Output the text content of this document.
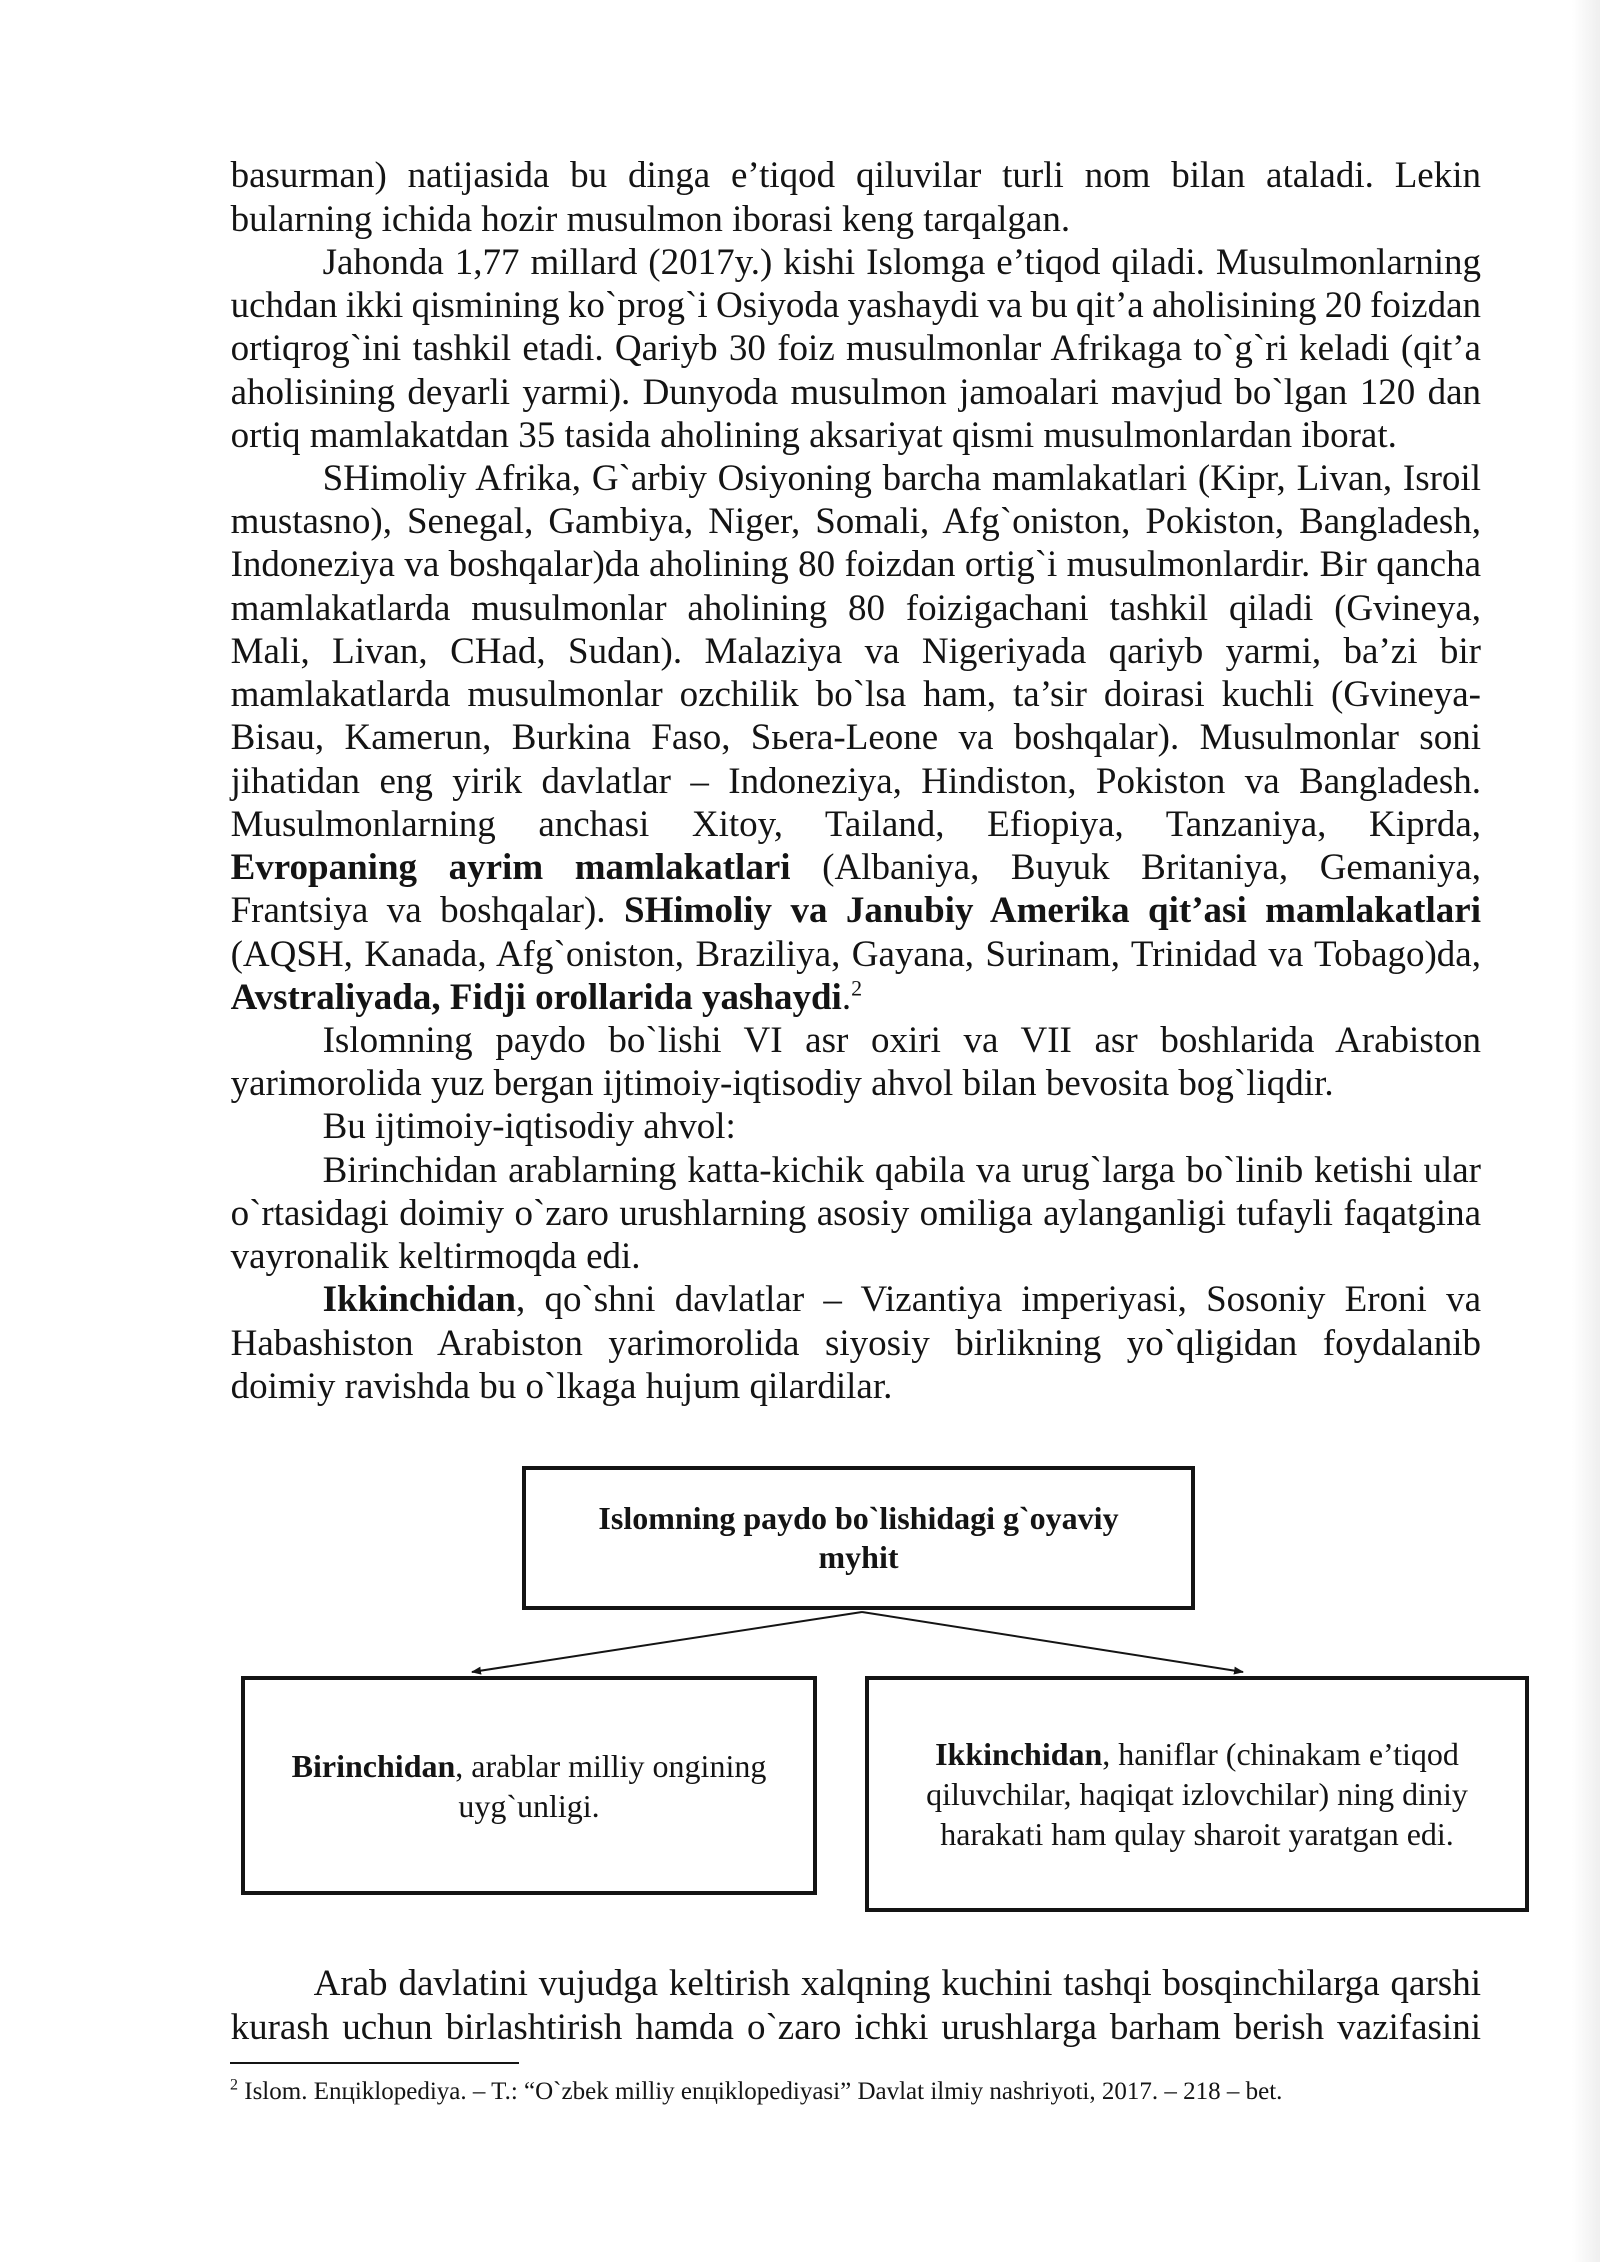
basurman) natijasida bu dinga e’tiqod qiluvilar turli nom bilan ataladi. Lekin
bularning ichida hozir musulmon iborasi keng tarqalgan.
Jahonda 1,77 millard (2017y.) kishi Islomga e’tiqod qiladi. Musulmonlarning
uchdan ikki qismining ko`prog`i Osiyoda yashaydi va bu qit’a aholisining 20 foizdan
ortiqrog`ini tashkil etadi. Qariyb 30 foiz musulmonlar Afrikaga to`g`ri keladi (qit’a
aholisining deyarli yarmi). Dunyoda musulmon jamoalari mavjud bo`lgan 120 dan
ortiq mamlakatdan 35 tasida aholining aksariyat qismi musulmonlardan iborat.
SHimoliy Afrika, G`arbiy Osiyoning barcha mamlakatlari (Kipr, Livan, Isroil
mustasno), Senegal, Gambiya, Niger, Somali, Afg`oniston, Pokiston, Bangladesh,
Indoneziya va boshqalar)da aholining 80 foizdan ortig`i musulmonlardir. Bir qancha
mamlakatlarda musulmonlar aholining 80 foizigachani tashkil qiladi (Gvineya,
Mali, Livan, CHad, Sudan). Malaziya va Nigeriyada qariyb yarmi, ba’zi bir
mamlakatlarda musulmonlar ozchilik bo`lsa ham, ta’sir doirasi kuchli (Gvineya-
Bisau, Kamerun, Burkina Faso, Sьera-Leone va boshqalar). Musulmonlar soni
jihatidan eng yirik davlatlar – Indoneziya, Hindiston, Pokiston va Bangladesh.
Musulmonlarning anchasi Xitoy, Tailand, Efiopiya, Tanzaniya, Kiprda,
Evropaning ayrim mamlakatlari (Albaniya, Buyuk Britaniya, Gemaniya,
Frantsiya va boshqalar). SHimoliy va Janubiy Amerika qit’asi mamlakatlari
(AQSH, Kanada, Afg`oniston, Braziliya, Gayana, Surinam, Trinidad va Tobago)da,
Avstraliyada, Fidji orollarida yashaydi.$^2$
Islomning paydo bo`lishi VI asr oxiri va VII asr boshlarida Arabiston
yarimorolida yuz bergan ijtimoiy-iqtisodiy ahvol bilan bevosita bog`liqdir.
Bu ijtimoiy-iqtisodiy ahvol:
Birinchidan arablarning katta-kichik qabila va urug`larga bo`linib ketishi ular
o`rtasidagi doimiy o`zaro urushlarning asosiy omiliga aylanganligi tufayli faqatgina
vayronalik keltirmoqda edi.
Ikkinchidan, qo`shni davlatlar – Vizantiya imperiyasi, Sosoniy Eroni va
Habashiston Arabiston yarimorolida siyosiy birlikning yo`qligidan foydalanib
doimiy ravishda bu o`lkaga hujum qilardilar.
Arab davlatini vujudga keltirish xalqning kuchini tashqi bosqinchilarga qarshi
kurash uchun birlashtirish hamda o`zaro ichki urushlarga barham berish vazifasini
Islomning paydo bo`lishidagi g`oyaviy
myhit
Birinchidan, arablar milliy ongining
uyg`unligi.
Ikkinchidan, haniflar (chinakam e’tiqod
qiluvchilar, haqiqat izlovchilar) ning diniy
harakati ham qulay sharoit yaratgan edi.
$^2$ Islom. Enцiklopediya. – T.: “O`zbek milliy enцiklopediyasi” Davlat ilmiy nashriyoti, 2017. – 218 – bet.
